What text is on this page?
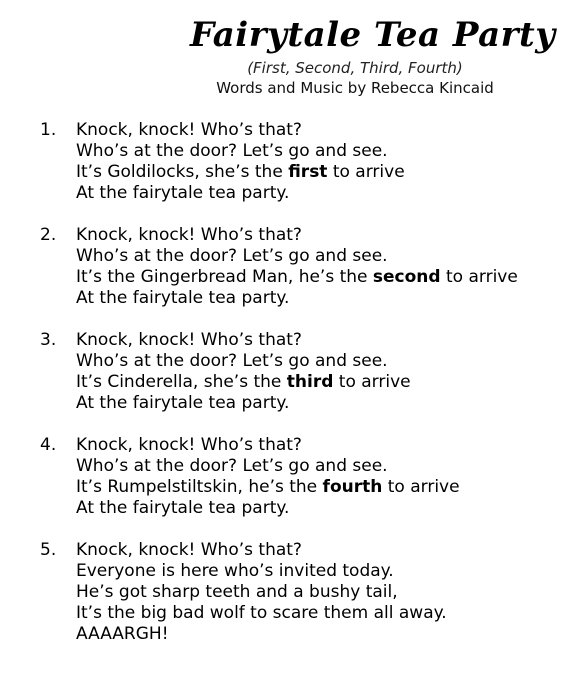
Fairytale Tea Party
(First, Second, Third, Fourth)
Words and Music by Rebecca Kincaid
1.	Knock, knock! Who’s that?
Who’s at the door? Let’s go and see.
It’s Goldilocks, she’s the first to arrive
At the fairytale tea party.
2.	Knock, knock! Who’s that?
Who’s at the door? Let’s go and see.
It’s the Gingerbread Man, he’s the second to arrive
At the fairytale tea party.
3.	Knock, knock! Who’s that?
Who’s at the door? Let’s go and see.
It’s Cinderella, she’s the third to arrive
At the fairytale tea party.
4.	Knock, knock! Who’s that?
Who’s at the door? Let’s go and see.
It’s Rumpelstiltskin, he’s the fourth to arrive
At the fairytale tea party.
5.	Knock, knock! Who’s that?
Everyone is here who’s invited today.
He’s got sharp teeth and a bushy tail,
It’s the big bad wolf to scare them all away.
AAAARGH!
